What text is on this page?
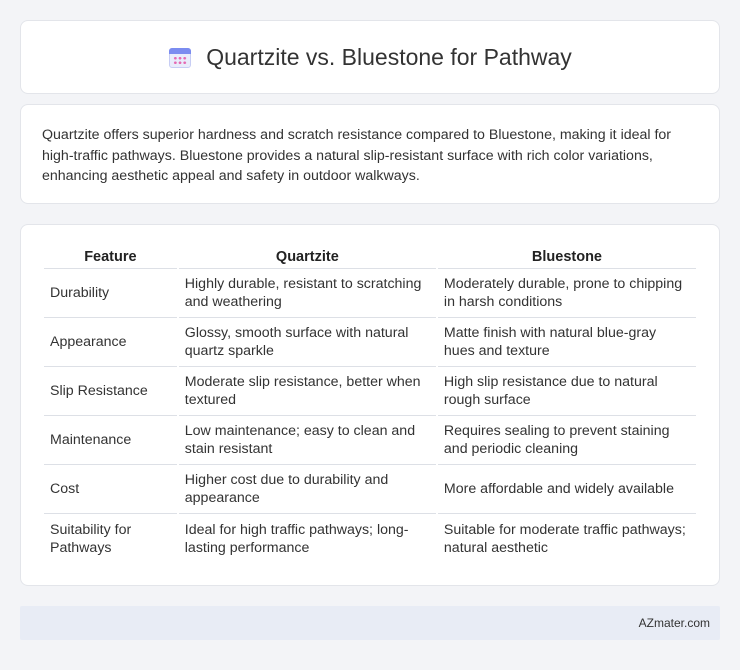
Quartzite vs. Bluestone for Pathway

Quartzite offers superior hardness and scratch resistance compared to Bluestone, making it ideal for high-traffic pathways. Bluestone provides a natural slip-resistant surface with rich color variations, enhancing aesthetic appeal and safety in outdoor walkways.

Feature	Quartzite	Bluestone
Durability	Highly durable, resistant to scratching and weathering	Moderately durable, prone to chipping in harsh conditions
Appearance	Glossy, smooth surface with natural quartz sparkle	Matte finish with natural blue-gray hues and texture
Slip Resistance	Moderate slip resistance, better when textured	High slip resistance due to natural rough surface
Maintenance	Low maintenance; easy to clean and stain resistant	Requires sealing to prevent staining and periodic cleaning
Cost	Higher cost due to durability and appearance	More affordable and widely available
Suitability for Pathways	Ideal for high traffic pathways; long-lasting performance	Suitable for moderate traffic pathways; natural aesthetic
AZmater.com
